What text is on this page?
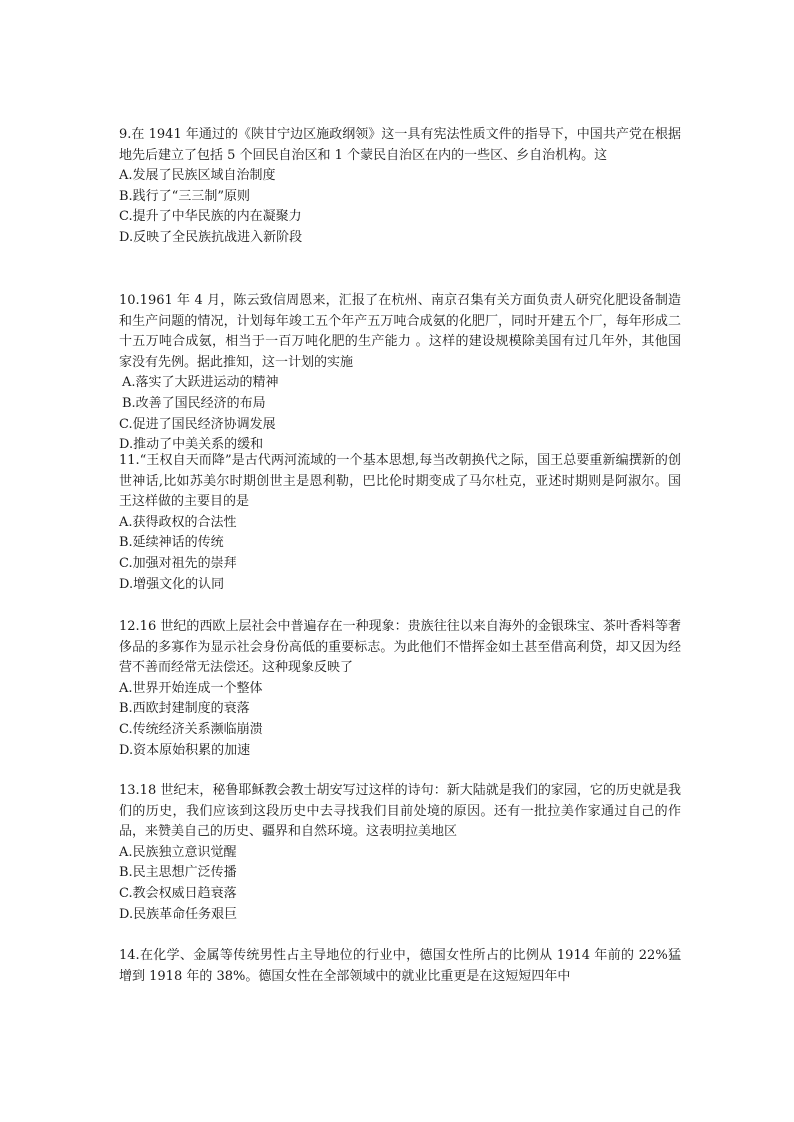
9.在 1941 年通过的《陕甘宁边区施政纲领》这一具有宪法性质文件的指导下，中国共产党在根据地先后建立了包括 5 个回民自治区和 1 个蒙民自治区在内的一些区、乡自治机构。这

A.发展了民族区域自治制度

B.践行了“三三制”原则

C.提升了中华民族的内在凝聚力

D.反映了全民族抗战进入新阶段

10.1961 年 4 月，陈云致信周恩来，汇报了在杭州、南京召集有关方面负责人研究化肥设备制造和生产问题的情况，计划每年竣工五个年产五万吨合成氨的化肥厂，同时开建五个厂，每年形成二十五万吨合成氨，相当于一百万吨化肥的生产能力 。这样的建设规模除美国有过几年外，其他国家没有先例。据此推知，这一计划的实施

A.落实了大跃进运动的精神

B.改善了国民经济的布局

C.促进了国民经济协调发展

D.推动了中美关系的缓和

11.“王权自天而降”是古代两河流域的一个基本思想,每当改朝换代之际，国王总要重新编撰新的创世神话,比如苏美尔时期创世主是恩利勒，巴比伦时期变成了马尔杜克，亚述时期则是阿淑尔。国王这样做的主要目的是

A.获得政权的合法性

B.延续神话的传统

C.加强对祖先的崇拜

D.增强文化的认同

12.16 世纪的西欧上层社会中普遍存在一种现象：贵族往往以来自海外的金银珠宝、茶叶香料等奢侈品的多寡作为显示社会身份高低的重要标志。为此他们不惜挥金如土甚至借高利贷，却又因为经营不善而经常无法偿还。这种现象反映了

A.世界开始连成一个整体

B.西欧封建制度的衰落

C.传统经济关系濒临崩溃

D.资本原始积累的加速

13.18 世纪末，秘鲁耶稣教会教士胡安写过这样的诗句：新大陆就是我们的家园，它的历史就是我们的历史，我们应该到这段历史中去寻找我们目前处境的原因。还有一批拉美作家通过自己的作品，来赞美自己的历史、疆界和自然环境。这表明拉美地区

A.民族独立意识觉醒

B.民主思想广泛传播

C.教会权威日趋衰落

D.民族革命任务艰巨

14.在化学、金属等传统男性占主导地位的行业中，德国女性所占的比例从 1914 年前的 22%猛增到 1918 年的 38%。德国女性在全部领域中的就业比重更是在这短短四年中
